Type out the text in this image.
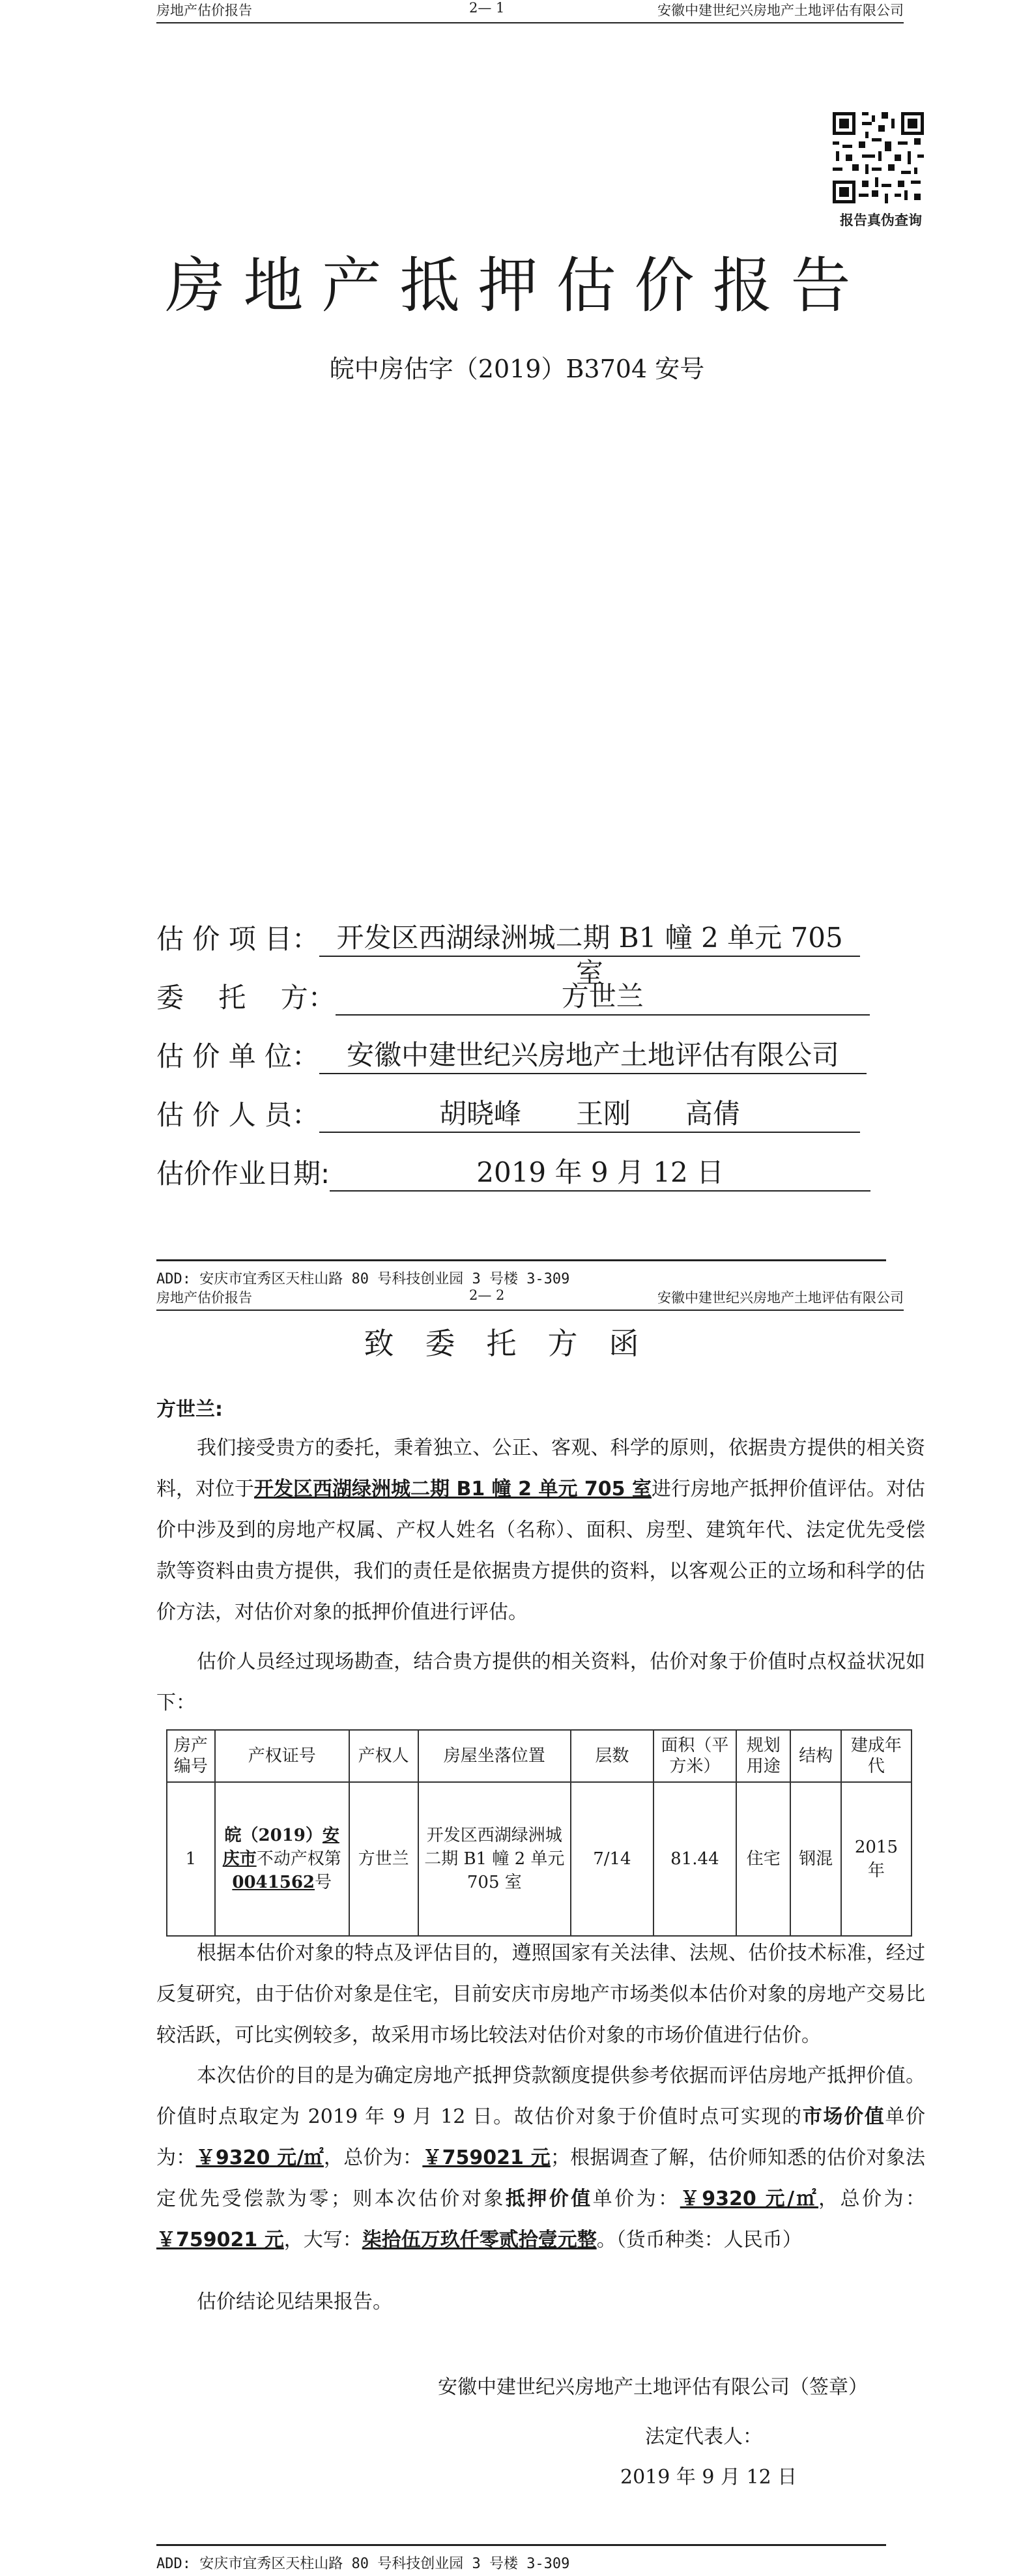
房地产估价报告	2— 1	安徽中建世纪兴房地产土地评估有限公司
报告真伪查询
房地产抵押估价报告
皖中房估字（2019）B3704 安号
估 价 项 目： 开发区西湖绿洲城二期 B1 幢 2 单元 705 室
委    托    方：	方世兰
估 价 单 位： 安徽中建世纪兴房地产土地评估有限公司
估 价 人 员：	胡晓峰　　王刚　　高倩
估价作业日期:	2019 年 9 月 12 日
ADD: 安庆市宜秀区天柱山路 80 号科技创业园 3 号楼 3-309
房地产估价报告	2— 2	安徽中建世纪兴房地产土地评估有限公司
致委托方函
方世兰:
我们接受贵方的委托，秉着独立、公正、客观、科学的原则，依据贵方提供的相关资料，对位于开发区西湖绿洲城二期 B1 幢 2 单元 705 室进行房地产抵押价值评估。对估价中涉及到的房地产权属、产权人姓名（名称）、面积、房型、建筑年代、法定优先受偿款等资料由贵方提供，我们的责任是依据贵方提供的资料，以客观公正的立场和科学的估价方法，对估价对象的抵押价值进行评估。
估价人员经过现场勘查，结合贵方提供的相关资料，估价对象于价值时点权益状况如下：
房产编号	产权证号	产权人	房屋坐落位置	层数	面积（平方米）	规划用途	结构	建成年代
1	皖（2019）安庆市不动产权第0041562号	方世兰	开发区西湖绿洲城二期 B1 幢 2 单元 705 室	7/14	81.44	住宅	钢混	2015 年
根据本估价对象的特点及评估目的，遵照国家有关法律、法规、估价技术标准，经过反复研究，由于估价对象是住宅，目前安庆市房地产市场类似本估价对象的房地产交易比较活跃，可比实例较多，故采用市场比较法对估价对象的市场价值进行估价。
本次估价的目的是为确定房地产抵押贷款额度提供参考依据而评估房地产抵押价值。价值时点取定为 2019 年 9 月 12 日。故估价对象于价值时点可实现的市场价值单价为：￥9320 元/㎡，总价为：￥759021 元；根据调查了解，估价师知悉的估价对象法定优先受偿款为零；则本次估价对象抵押价值单价为：￥9320 元/㎡，总价为：￥759021 元，大写：柒拾伍万玖仟零贰拾壹元整。（货币种类：人民币）
估价结论见结果报告。
安徽中建世纪兴房地产土地评估有限公司（签章）
法定代表人：
2019 年 9 月 12 日
ADD: 安庆市宜秀区天柱山路 80 号科技创业园 3 号楼 3-309
